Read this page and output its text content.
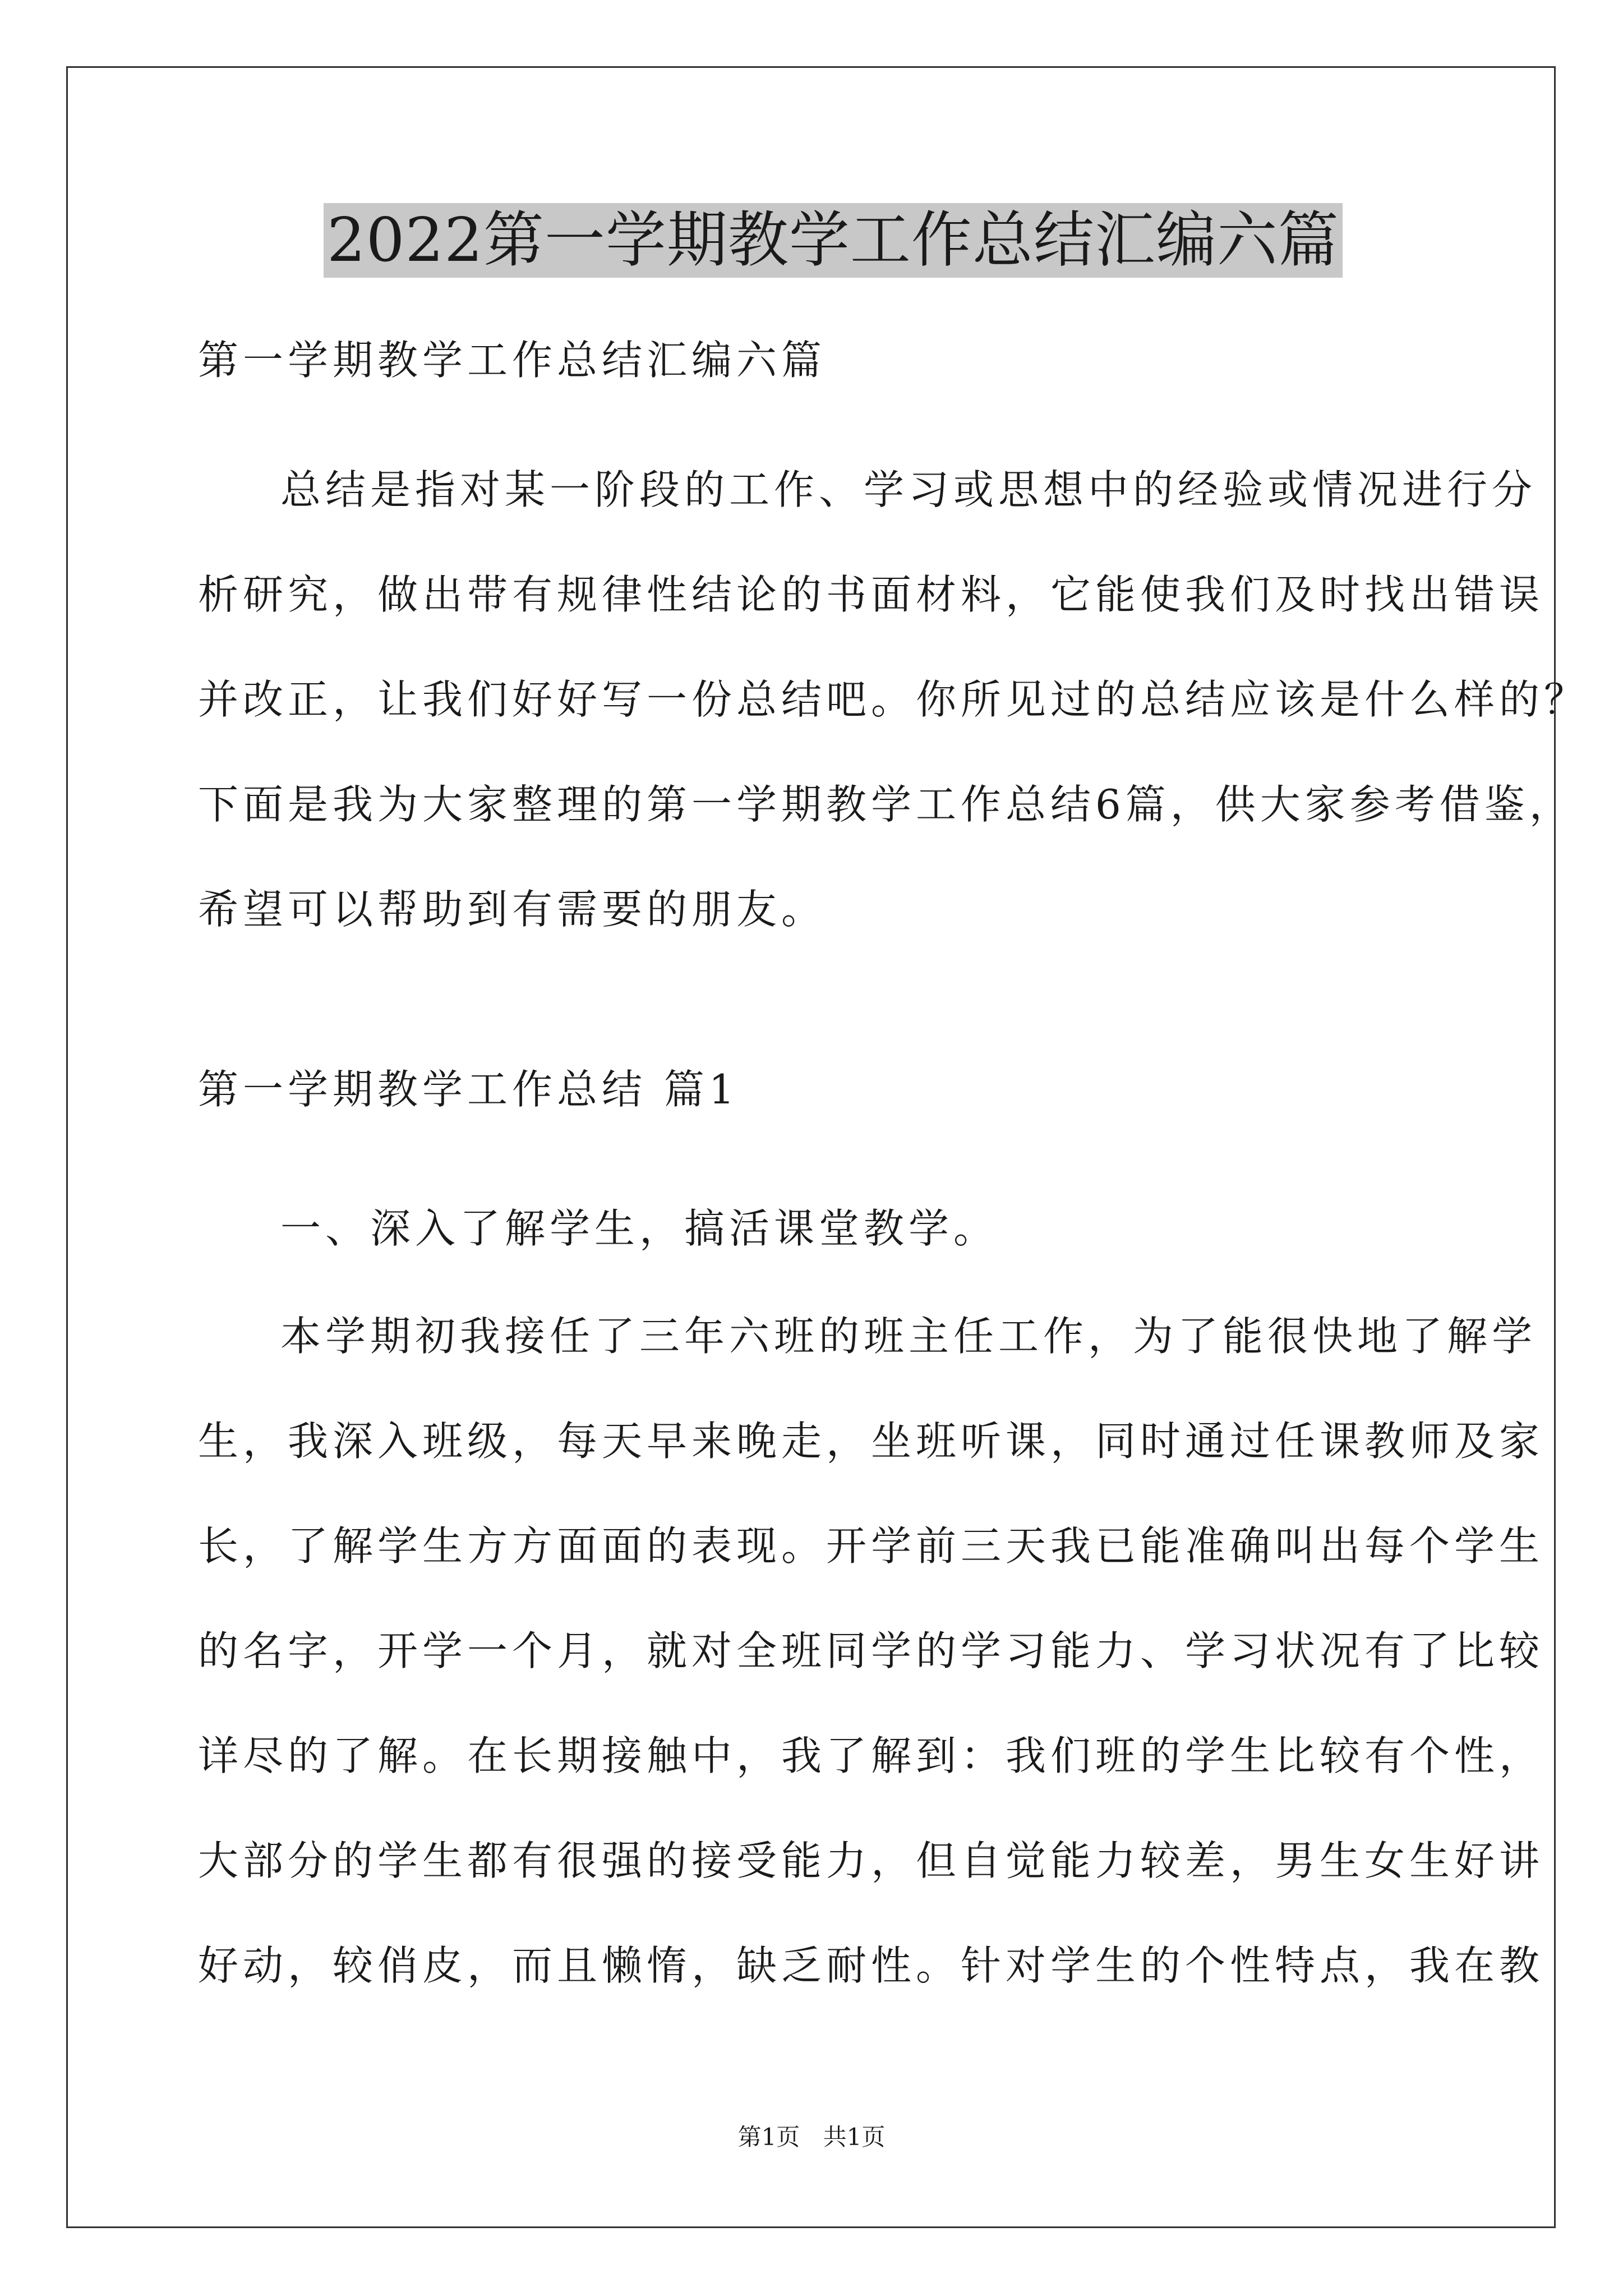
2022第一学期教学工作总结汇编六篇
第一学期教学工作总结汇编六篇
总结是指对某一阶段的工作、学习或思想中的经验或情况进行分
析研究，做出带有规律性结论的书面材料，它能使我们及时找出错误
并改正，让我们好好写一份总结吧。你所见过的总结应该是什么样的？
下面是我为大家整理的第一学期教学工作总结6篇，供大家参考借鉴，
希望可以帮助到有需要的朋友。
第一学期教学工作总结 篇1
一、深入了解学生，搞活课堂教学。
本学期初我接任了三年六班的班主任工作，为了能很快地了解学
生，我深入班级，每天早来晚走，坐班听课，同时通过任课教师及家
长，了解学生方方面面的表现。开学前三天我已能准确叫出每个学生
的名字，开学一个月，就对全班同学的学习能力、学习状况有了比较
详尽的了解。在长期接触中，我了解到：我们班的学生比较有个性，
大部分的学生都有很强的接受能力，但自觉能力较差，男生女生好讲
好动，较俏皮，而且懒惰，缺乏耐性。针对学生的个性特点，我在教
第1页 共1页
